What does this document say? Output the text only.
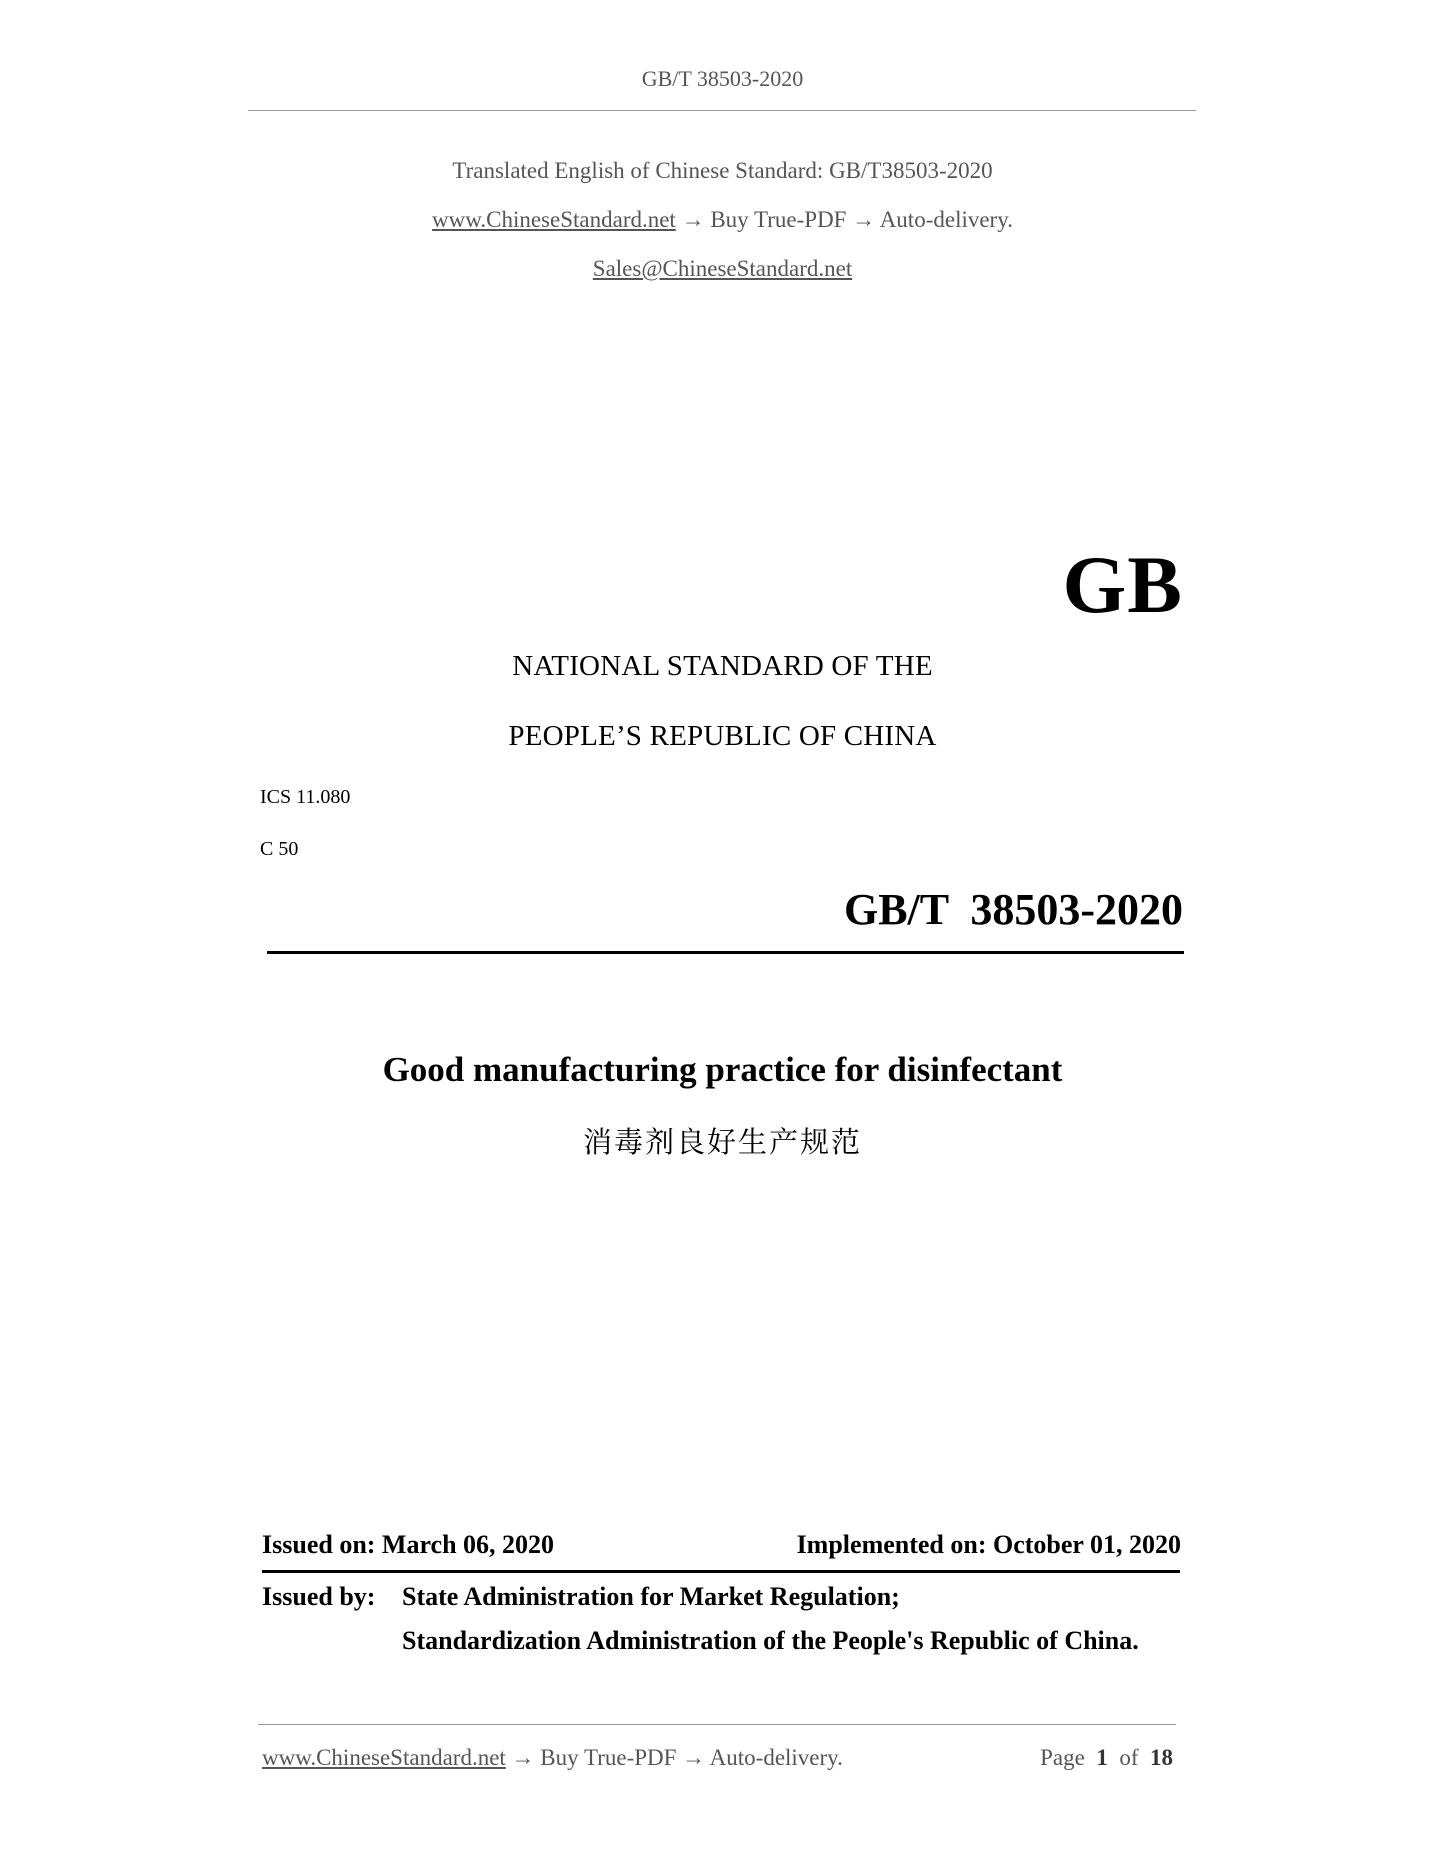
GB/T 38503-2020
Translated English of Chinese Standard: GB/T38503-2020
www.ChineseStandard.net → Buy True-PDF → Auto-delivery.
Sales@ChineseStandard.net
GB
NATIONAL STANDARD OF THE
PEOPLE’S REPUBLIC OF CHINA
ICS 11.080
C 50
GB/T  38503-2020
Good manufacturing practice for disinfectant
消毒剂良好生产规范
Issued on: March 06, 2020	Implemented on: October 01, 2020
Issued by: State Administration for Market Regulation;
Standardization Administration of the People's Republic of China.
www.ChineseStandard.net → Buy True-PDF → Auto-delivery.	Page 1 of 18
